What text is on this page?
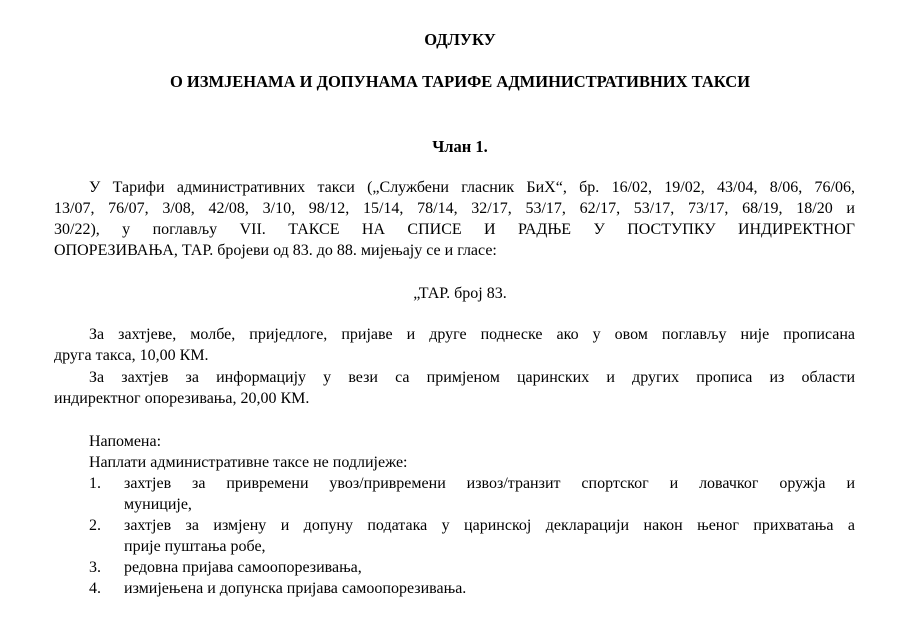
ОДЛУКУ

О ИЗМЈЕНАМА И ДОПУНАМА ТАРИФЕ АДМИНИСТРАТИВНИХ ТАКСИ

Члан 1.

У Тарифи административних такси („Службени гласник БиХ“, бр. 16/02, 19/02, 43/04, 8/06, 76/06,

13/07, 76/07, 3/08, 42/08, 3/10, 98/12, 15/14, 78/14, 32/17, 53/17, 62/17, 53/17, 73/17, 68/19, 18/20 и

30/22), у поглављу VII. ТАКСЕ НА СПИСЕ И РАДЊЕ У ПОСТУПКУ ИНДИРЕКТНОГ

ОПОРЕЗИВАЊА, ТАР. бројеви од 83. до 88. мијењају се и гласе:

„ТАР. број 83.

За захтјеве, молбе, приједлоге, пријаве и друге поднеске ако у овом поглављу није прописана

друга такса, 10,00 КМ.

За захтјев за информацију у вези са примјеном царинских и других прописа из области

индиректног опорезивања, 20,00 КМ.

Напомена:

Наплати административне таксе не подлијеже:

1. захтјев за привремени увоз/привремени извоз/транзит спортског и ловачког оружја и

муниције,

2. захтјев за измјену и допуну података у царинској декларацији након њеног прихватања а

прије пуштања робе,

3. редовна пријава самоопорезивања,

4. измијењена и допунска пријава самоопорезивања.
